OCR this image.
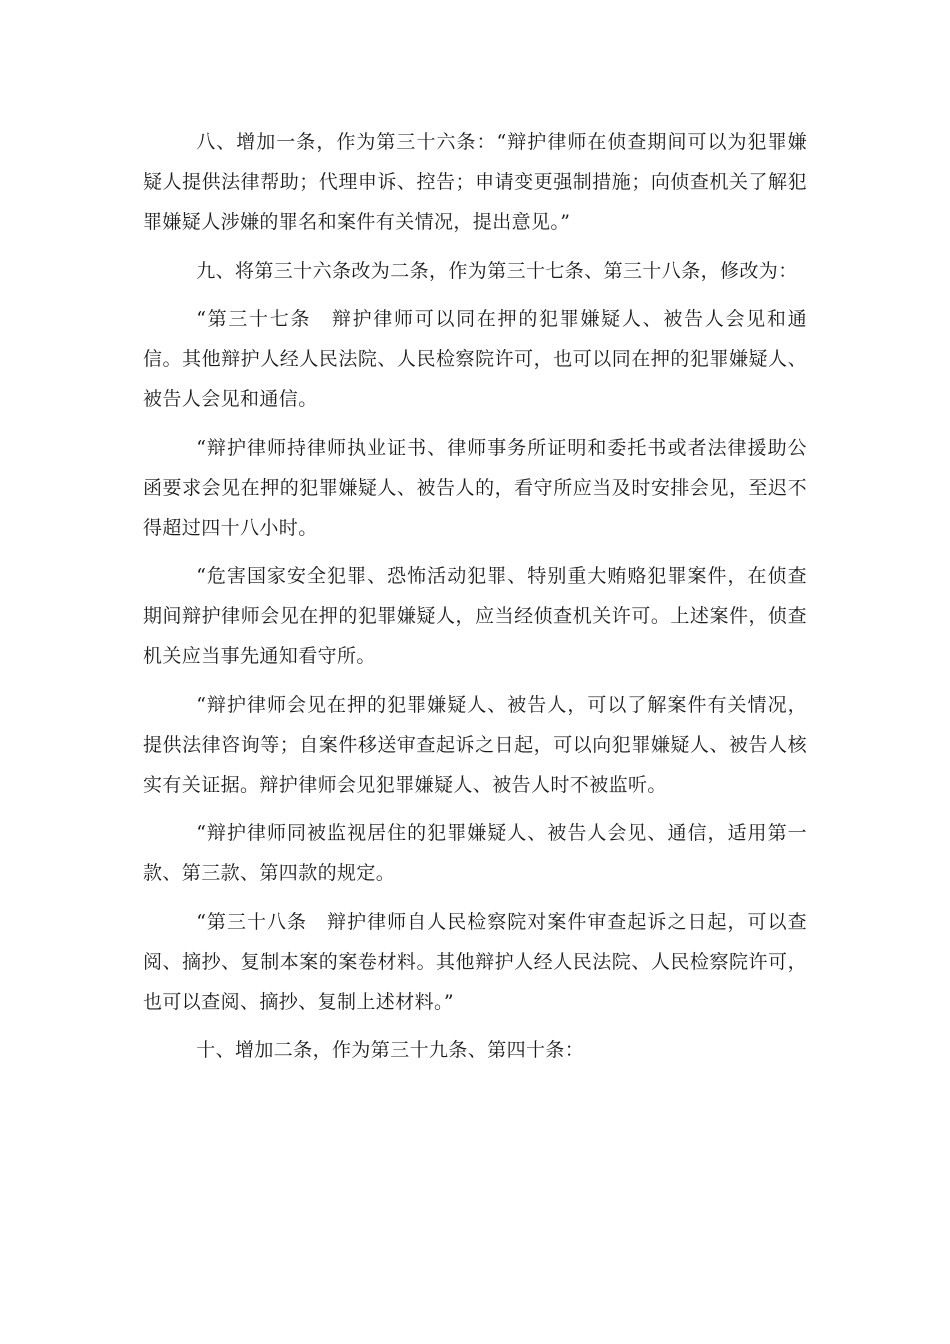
八、增加一条，作为第三十六条：“辩护律师在侦查期间可以为犯罪嫌疑人提供法律帮助；代理申诉、控告；申请变更强制措施；向侦查机关了解犯罪嫌疑人涉嫌的罪名和案件有关情况，提出意见。”

九、将第三十六条改为二条，作为第三十七条、第三十八条，修改为：

“第三十七条　辩护律师可以同在押的犯罪嫌疑人、被告人会见和通信。其他辩护人经人民法院、人民检察院许可，也可以同在押的犯罪嫌疑人、被告人会见和通信。

“辩护律师持律师执业证书、律师事务所证明和委托书或者法律援助公函要求会见在押的犯罪嫌疑人、被告人的，看守所应当及时安排会见，至迟不得超过四十八小时。

“危害国家安全犯罪、恐怖活动犯罪、特别重大贿赂犯罪案件，在侦查期间辩护律师会见在押的犯罪嫌疑人，应当经侦查机关许可。上述案件，侦查机关应当事先通知看守所。

“辩护律师会见在押的犯罪嫌疑人、被告人，可以了解案件有关情况，提供法律咨询等；自案件移送审查起诉之日起，可以向犯罪嫌疑人、被告人核实有关证据。辩护律师会见犯罪嫌疑人、被告人时不被监听。

“辩护律师同被监视居住的犯罪嫌疑人、被告人会见、通信，适用第一款、第三款、第四款的规定。

“第三十八条　辩护律师自人民检察院对案件审查起诉之日起，可以查阅、摘抄、复制本案的案卷材料。其他辩护人经人民法院、人民检察院许可，也可以查阅、摘抄、复制上述材料。”

十、增加二条，作为第三十九条、第四十条：
